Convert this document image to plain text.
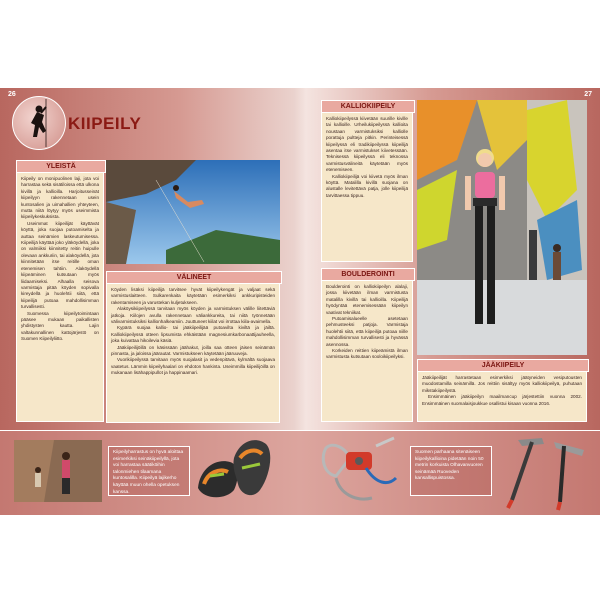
26	27
KIIPEILY
YLEISTÄ

Kiipeily on monipuolinen laji, jota voi harrastaa sekä sisätiloissa että ulkona kivillä ja kallioilla. Harjoitusseinät kiipeilyyn rakennetaan usein kuntosalien ja uimahallien yhteyteen, mutta niitä löytyy myös useimmista kiipeilykeskuksista.

Useimmat kiipeilijät käyttävät köyttä, joka suojaa putoamiselta ja auttaa seinämien laskeutumisessa. Kiipeilijä käyttää joko yläköydellä, joka on valmiiksi kiinnitetty reitin huipulle olevaan ankkuriin, tai alaköydellä, jota kiinnitetään itse reitille oman etenemisen tahtiin. Alaköydellä kiipeäminen kutsutaan myös liidaamiseksi. Alhaalla seisova varmistaja pitää köyden sopivalla kireydellä ja huolehtii siitä, että kiipeilijä putoaa mahdollisimman turvallisesti.

Suomessa kiipeilytoimintaan pääsee mukaan paikallisten yhdistysten kautta. Lajin valtakunnallinen kattojärjestö on Suomen Kiipeilyliitto.

VÄLINEET

Köyden lisäksi kiipeilijä tarvitsee hyvät kiipeilykengät ja valjaat sekä varmistuslaitteen. Sulkarenkaita käytetään esimerkiksi ankkuripisteiden rakentamiseen ja varustekan kuljetukseen.

Alaköysikiipeilyssä tarvitaan myös köyden ja varmistuksen välille liitettäviä jatkoja. Kiilojen avulla rakennetaan väliankkureita, tai niitä työnnetään välivarmistuksiksi kallionhalkeamiin. Juuttuneet kiilat voi irrottaa kiila-avaimella.

Kypärä suojaa kallio- tai jääkiipeilijää putoavilta kiviltä ja jäiltä. Kalliokiipeilyssä otteen lipsumista ehkäistään magnesiumkarbonaattijauheella, joka kuivattaa hikoilevia käsiä.

Jääkiipeilijöillä on käsissään jäähakut, joilla saa otteen jäisen seinämän pinnasta, ja jaloissa jäärautat. Varmistukseen käytetään jääruuveja.

Vuorikiipeilyssä tarvitaan myös suojalasit ja vedenpitävä, kylmältä suojaava vaatetus. Lämmin kiipeilyhaalari on ehdoton hankinta. Useimmilla kiipeilijöillä on mukanaan lisähappipullot ja happinaamari.

KALLIOKIIPEILY

Kalliokiipeilyssä kiivetään suurille kiville tai kallioille. Urheilukiipeilyssä kallioita noustaan varmistuksiksi kalliolle porattuja pultteja pitkin. Perinteisessä kiipeilyssä eli tradikiipeilyssä kiipeilijä asentaa itse varmistukset kiivetessään. Teknisessä kiipeilyssä eli teknossa varmistusvälineitä käytetään myös etenemiseen.

Kalliokiipeilijä voi kiivetä myös ilman köyttä. Matalilla kivillä suojana on alustalle levitettävä patja, jolle kiipeilijä tarvittaessa tippuu.

BOULDEROINTI

Boulderointi on kalliokiipeilyn alalaji, jossa kiivetään ilman varmistusta matalilla kivillä tai kallioilla. Kiipeilijä hyödyntää etenemisessään kiipeilyn vaativat tekniikat.

Putoamisalueelle asetetaan pehmusteeksi patjoja. Varmistaja huolehtii siitä, että kiipeilijä putoaa niille mahdollisimman turvallisesti ja hyvässä asennossa.

Korkeiden reittien kiipeämistä ilman varmistusta kutsutaan sooloikiipeilyksi.

JÄÄKIIPEILY

Jääkiipeilijät harrastetaan esimerkiksi jäätyneiden vesiputousten muodostamilla seinämillä. Jos reittiin sisältyy myös kalliokiipeilyä, puhutaan mikstakiipeilystä.

Ensimmäinen jääkiipeilyn maailmancup järjestettiin vuonna 2002. Ensimmäinen suomalaisjoukkue osallistui kisaan vuonna 2016.

Kiipeilyharrastus on hyvä aloittaa esimerkiksi seinäkiipeilyllä, jota voi harrastaa säätiköihin talonmiehen tilaamana kuntosalilla. Kiipeilyä lajikerho käyttää muun ohella opetuksen kanssa.
Suomen parhaana sitenäiseen kiipeilykallioina pidetään noin 50 metrin korkuista Olhavanvuoren seinämää Ruoveden kansallispuistossa.
